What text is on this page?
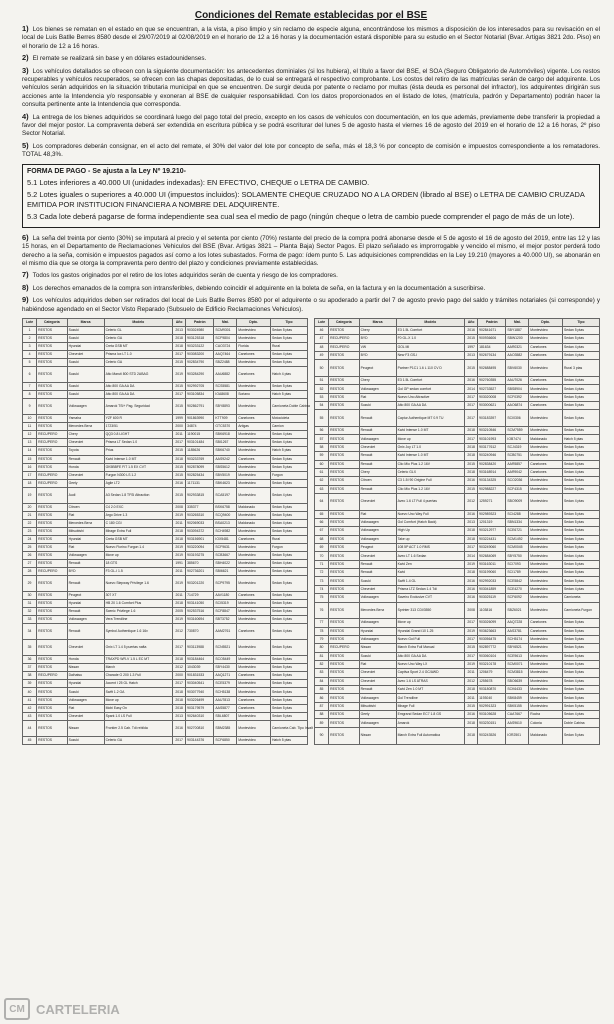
Condiciones del Remate establecidas por el BSE
1) Los bienes se rematan en el estado en que se encuentran, a la vista, a piso limpio y sin reclamo de especie alguna, encontrándose los mismos a disposición de los interesados para su revisación en el local de Luis Batlle Berres 8580 desde el 29/07/2019 al 02/08/2019 en el horario de 12 a 16 horas y la documentación estará disponible para su estudio en el Sector Notarial (Bvar. Artigas 3821 2do. Piso) en el horario de 12 a 16 horas.
2) El remate se realizará sin base y en dólares estadounidenses.
3) Los vehículos detallados se ofrecen con la siguiente documentación: los antecedentes dominiales (si los hubiera), el título a favor del BSE, el SOA (Seguro Obligatorio de Automóviles) vigente. Los restos recuperables y vehículos recuperados, se ofrecen con las chapas depositadas, de lo cual se entregará el respectivo comprobante. Los costos del retiro de las matrículas serán de cargo del adquirente. Los vehículos serán adquiridos en la situación tributaria municipal en que se encuentren. De surgir deuda por patente o reclamo por multas (ésta deuda es personal del infractor), los adquirentes dirigirán sus acciones ante la Intendencia y/o responsable y exoneran al BSE de cualquier responsabilidad. Con los datos proporcionados en el listado de lotes, (matrícula, padrón y Departamento) podrán hacer la consulta pertinente ante la Intendencia que corresponda.
4) La entrega de los bienes adquiridos se coordinará luego del pago total del precio, excepto en los casos de vehículos con documentación, en los que además, previamente debe transferir la propiedad a favor del mejor postor. La compraventa deberá ser extendida en escritura pública y se podrá escriturar del lunes 5 de agosto hasta el viernes 16 de agosto del 2019 en el horario de 12 a 16 horas, 2º piso Sector Notarial.
5) Los compradores deberán consignar, en el acto del remate, el 30% del valor del lote por concepto de seña, más el 18,3 % por concepto de comisión e impuestos correspondiente a los rematadores. TOTAL 48,3%.
FORMA DE PAGO - Se ajusta a la Ley Nº 19.210-
5.1 Lotes inferiores a 40.000 UI (unidades indexadas): EN EFECTIVO, CHEQUE o LETRA DE CAMBIO.
5.2 Lotes iguales o superiores a 40.000 UI (impuestos incluidos): SOLAMENTE CHEQUE CRUZADO NO A LA ORDEN (librado al BSE) o LETRA DE CAMBIO CRUZADA EMITIDA POR INSTITUCION FINANCIERA A NOMBRE DEL ADQUIRENTE.
5.3 Cada lote deberá pagarse de forma independiente sea cual sea el medio de pago (ningún cheque o letra de cambio puede comprender el pago de más de un lote).
6) La seña del treinta por ciento (30%) se imputará al precio y el setenta por ciento (70%) restante del precio de la compra podrá abonarse desde el 5 de agosto el 16 de agosto del 2019, entre las 12 y las 15 horas, en el Departamento de Reclamaciones Vehiculos del BSE (Bvar. Artigas 3821 – Planta Baja) Sector Pagos. El plazo señalado es improrrogable y vencido el mismo, el mejor postor perderá todo derecho a la seña, comisión e impuestos pagados así como a los lotes subastados. Forma de pago: ídem punto 5. Las adquisiciones comprendidas en la Ley 19.210 (mayores a 40.000 UI), se abonarán en el mismo día que se otorga la compraventa pero dentro del plazo y condiciones previamente establecidas.
7) Todos los gastos originados por el retiro de los lotes adquiridos serán de cuenta y riesgo de los compradores.
8) Los derechos emanados de la compra son intransferibles, debiendo coincidir el adquirente en la boleta de seña, en la factura y en la documentación a suscribirse.
9) Los vehículos adquiridos deben ser retirados del local de Luis Batlle Berres 8580 por el adquirente o su apoderado a partir del 7 de agosto previo pago del saldo y trámites notariales (si corresponde) y habiéndose agendado en el Sector Visto Reparado (Subsuelo de Edificio Reclamaciones Vehiculos).
Lote	Categoría	Marca	Modelo	Año	Padrón	Mat.	Dpto.	Tipo
1	RESTOS	Suzuki	Celerio GL	2013	903024980	SCM9301	Montevideo	Sedan 5 ptas
2	RESTOS	Suzuki	Celerio GA	2018	903125318	SCF9804	Montevideo	Sedan 5 ptas
3	RESTOS	Hyundai	Creta GSB MT	2018	903233122	CAO3724	Florida	Rural
4	RESTOS	Chevrolet	Prisma lox LT 1.0	2017	903083200	AAQ7464	Canelones	Sedan 4 ptas
5	RESTOS	Suzuki	Celerio GA	2015	902834790	SBZ2488	Montevideo	Sedan 5 ptas
6	RESTOS	Suzuki	Alto Maruti 800 STD 2ABAG	2019	903284290	AAU6882	Canelones	Hatch 4 ptas
7	RESTOS	Suzuki	Alto 800 GA AA DA	2015	902992705	SCS5581	Montevideo	Sedan 5 ptas
8	RESTOS	Suzuki	Alto 800 GA AA DA	2017	903105834	IOA8608	Soriano	Hatch 5 ptas
9	RESTOS	Volkswagen	Amarok TSI+ Pag. Seguridad	2015	902862791	SBY8893	Montevideo	Camioneta Doble Cabina
10	RESTOS	Yamaha	YZF 600 R	1999	901863990	KTT909	Canelones	Motocicleta
11	RESTOS	Mercedes Benz	1723/51	2000	34874	GTC5370	Artigas	Camion
12	RECUPERO	Chery	QQ3 0.8 LIGHT	2011	1190015	SBK6918	Montevideo	Sedan 4 ptas
13	RECUPERO	Chevrolet	Prisma LT Sedan 1.0	2017	903101484	SBI1267	Montevideo	Sedan 4 ptas
14	RESTOS	Toyota	Prius	2015	1185626	SBK6740	Montevideo	Hatch 5 ptas
15	RESTOS	Renault	Kwid Intense 1.0 MT	2018	903233769	AAS9242	Canelones	Sedan 5 ptas
16	RESTOS	Honda	GK5BBFE FIT 1.5 EX CVT	2015	902878099	SBS5612	Montevideo	Sedan 5 ptas
17	RECUPERO	Chevrolet	Furgon N300 LS 1.2	2015	902825434	SBV5019	Montevideo	Furgon
18	RECUPERO	Geely	Agile LT2	2016	1171131	SBK4623	Montevideo	Sedan 5 ptas
19	RESTOS	Audi	A3 Sedan 1.8 TFSI Attraction	2015	902933815	SCA5197	Montevideo	Sedan 4 ptas
20	RESTOS	Citroen	C4 2.0 EXC	2008	335377	BSK6758	Maldonado	Sedan 5 ptas
21	RESTOS	Fiat	Argo Drive 1.3	2019	903265310	SCQ9400	Montevideo	Sedan 5 ptas
22	RESTOS	Mercedes Benz	C 180 CGI	2011	902069033	BSA0213	Maldonado	Sedan 4 ptas
23	RESTOS	Mitsubishi	Mirage Extra Full	2018	903094372	SCH4982	Montevideo	Sedan 5 ptas
24	RESTOS	Hyundai	Creta GSB MT	2018	903156901	IOX5481	Canelones	Rural
25	RESTOS	Fiat	Nuevo Fiorino Furgon 1.4	2019	903220094	SCF9631	Montevideo	Furgon
26	RESTOS	Volkswagen	Move up	2019	903193275	SCB3667	Montevideo	Sedan 5 ptas
27	RESTOS	Renault	18 GTS	1991	385670	SBH4022	Montevideo	Sedan 4 ptas
28	RECUPERO	BYD	F3 GL-I 1.5	2011	902736201	SBI6621	Montevideo	Sedan 4 ptas
29	RESTOS	Renault	Nuevo Stepway Privilege 1.6	2019	903201220	SCP9795	Montevideo	Sedan 5 ptas
30	RESTOS	Peugeot	307 XT	2011	714729	AAV1180	Canelones	Sedan 5 ptas
31	RESTOS	Hyundai	HB 20 1.6 Comfort Plus	2018	903141050	SCI5319	Montevideo	Sedan 5 ptas
32	RESTOS	Renault	Scenic Privilege 1.6	2005	902537516	SCF8847	Montevideo	Sedan 5 ptas
33	RESTOS	Volkswagen	Vera Trendline	2019	903160694	SBT3752	Montevideo	Sedan 4 ptas
34	RESTOS	Renault	Symbol Authentique 1.6 16v	2012	730870	AAM2761	Canelones	Sedan 4 ptas
35	RESTOS	Chevrolet	Onix LT 1.4 5 puertas nafta	2017	903113988	SCN5521	Montevideo	Sedan 5 ptas
36	RESTOS	Honda	TRAXPD WR-V 1.5 L EC MT	2018	903184464	SCO5449	Montevideo	Sedan 5 ptas
37	RESTOS	Nissan	March	2012	1043039	SBY4430	Montevideo	Sedan 5 ptas
38	RECUPERO	Daihatsu	Charade G 200 1.3 Full	2000	901831533	AAQ1271	Canelones	Sedan 5 ptas
39	RESTOS	Hyundai	Accent I 25 GL Hatch	2017	903040541	SCE5379	Montevideo	Sedan 5 ptas
40	RESTOS	Suzuki	Swift 1.2 GA	2018	903077940	SCH5138	Montevideo	Sedan 5 ptas
41	RESTOS	Volkswagen	Move up	2018	903226499	AAU7813	Canelones	Sedan 5 ptas
42	RESTOS	Fiat	Mobi Easy On	2018	903179579	AAS5877	Canelones	Sedan 5 ptas
43	RESTOS	Chevrolet	Spark 1.0 LS Full	2013	902640310	SBL6807	Montevideo	Sedan 5 ptas
44	RESTOS	Nissan	Frontier 2.5 Cab. Tdi rebilda	2016	902700810	SBM2385	Montevideo	Camioneta Cab. Tipo Invalt
45	RESTOS	Suzuki	Celerio GA	2017	903144376	SCF6850	Montevideo	Hatch 5 ptas
Lote	Categoría	Marca	Modelo	Año	Padrón	Mat.	Dpto.	Tipo
46	RESTOS	Chery	E3 1.5L Comfort	2016	902841671	SBY1887	Montevideo	Sedan 5 ptas
47	RECUPERO	BYD	F0 GL-X 1.0	2015	900936606	SBW1200	Montevideo	Sedan 5 ptas
48	RECUPERO	VW	GOL MI	1997	181634	AAR0321	Canelones	Sedan 4 ptas
49	RESTOS	BYD	New F3 GS-I	2013	902679134	AAO3582	Canelones	Sedan 4 ptas
50	RESTOS	Peugeot	Partner P1C1 1.6 L 110 CV D	2015	902688495	SBV6030	Montevideo	Rural 3 ptas
51	RESTOS	Chery	E3 1.5L Comfort	2016	902760355	AAU7026	Canelones	Sedan 4 ptas
52	RESTOS	Volkswagen	Gol GP sedan comfort	2014	902733527	SBS8904	Montevideo	Sedan 4 ptas
53	RESTOS	Fiat	Nuevo Uno Attractive	2017	903020008	SCF0392	Montevideo	Sedan 5 ptas
54	RESTOS	Suzuki	Alto 800 GA AA DA	2017	903000621	AAO6874	Canelones	Sedan 5 ptas
55	RESTOS	Renault	Captur Authentique MT 0.9 TU	2017	903183397	SCI0306	Montevideo	Sedan 5 ptas
56	RESTOS	Renault	Kwid Intense 1.0 MT	2018	903210546	SCM7559	Montevideo	Sedan 5 ptas
57	RESTOS	Volkswagen	Move up	2017	903101993	IOB7474	Maldonado	Hatch 5 ptas
58	RESTOS	Chevrolet	Onix Joy LT 1.0	2018	903177612	SCJ4319	Montevideo	Sedan 5 ptas
59	RESTOS	Renault	Kwid Intense 1.0 MT	2018	903240946	SCB0751	Montevideo	Sedan 5 ptas
60	RESTOS	Renault	Clio Mio Plus 1.2 16V	2015	902838420	AAR5857	Canelones	Sedan 5 ptas
61	RESTOS	Chery	Celerio GLX	2018	903168914	AAR9042	Canelones	Sedan 4 ptas
62	RESTOS	Citroen	C3 1.5I 90 Origine Full	2016	903134325	SCO2036	Montevideo	Sedan 5 ptas
63	RESTOS	Renault	Clio Mio Plus 1.2 16V	2015	902988227	SCF4315	Montevideo	Sedan 5 ptas
64	RESTOS	Chevrolet	Aveo 1.6 LT Full 4 puertas	2012	1259271	SBO9009	Montevideo	Sedan 4 ptas
65	RESTOS	Fiat	Nuevo Uno Way Full	2016	902989323	SCI4288	Montevideo	Sedan 5 ptas
66	RESTOS	Volkswagen	Gol Comfort (Hatch Back)	2013	1201319	SBN1334	Montevideo	Sedan 5 ptas
67	RESTOS	Volkswagen	High Up	2018	903212977	SCE6721	Montevideo	Sedan 5 ptas
68	RESTOS	Volkswagen	Take up	2018	903224431	SCM1492	Montevideo	Sedan 5 ptas
69	RESTOS	Peugeot	108 5P ACT 1.0 RMS	2017	903249060	SCM0045	Montevideo	Sedan 5 ptas
70	RESTOS	Chevrolet	Aveo LT 1.6 Sedan	2014	902684069	SBY5750	Montevideo	Sedan 4 ptas
71	RESTOS	Renault	Kwid Zen	2019	903163011	SCI7093	Montevideo	Sedan 5 ptas
72	RESTOS	Renault	Kwid	2018	903199060	SCI1789	Montevideo	Sedan 5 ptas
73	RESTOS	Suzuki	Swift 1.4 GL	2016	902992033	SCE5842	Montevideo	Sedan 5 ptas
74	RESTOS	Chevrolet	Prisma LTZ Sedan 1.4 Tdi	2016	903041859	SCE4270	Montevideo	Sedan 4 ptas
75	RESTOS	Volkswagen	Saveiro Exclusive CVT	2016	903025119	SCF6092	Montevideo	Camioneta
76	RESTOS	Mercedes Benz	Sprinter 313 CDI/3550	2008	1103816	SBZ6021	Montevideo	Camioneta Furgon
77	RESTOS	Volkswagen	Move up	2017	903026099	AAQ7228	Canelones	Sedan 5 ptas
78	RESTOS	Hyundai	Hyundai Grand i10 1.25	2019	903623663	AAS3781	Canelones	Sedan 5 ptas
79	RESTOS	Volkswagen	Nuevo Gol Full	2017	903056475	SCH5174	Montevideo	Sedan 5 ptas
80	RECUPERO	Nissan	March Extra Full Manual	2015	902897772	SBY6521	Montevideo	Sedan 5 ptas
81	RESTOS	Suzuki	Alto 800 GA AA DA	2017	903060104	SCE9613	Montevideo	Sedan 5 ptas
82	RESTOS	Fiat	Nuevo Uno Way LX	2019	903210178	SCM0071	Montevideo	Sedan 5 ptas
83	RESTOS	Chevrolet	Captiva Sport 2.4 GC/AWD	2011	1206479	SCM3815	Montevideo	Sedan 5 ptas
84	RESTOS	Chevrolet	Aveo 1.6 LS ATRAS	2012	1255678	SBO6639	Montevideo	Sedan 4 ptas
85	RESTOS	Renault	Kwid Zen 1.0 MT	2018	903180870	SCK6433	Montevideo	Sedan 5 ptas
86	RESTOS	Volkswagen	Gol Trendline	2011	1193040	SBK8459	Montevideo	Sedan 5 ptas
87	RESTOS	Mitsubishi	Mirage Full	2015	902991323	SBK5155	Montevideo	Sedan 5 ptas
88	RESTOS	Geely	Emgrand Sedan EC7 1.8 GS	2016	903105628	CAA7667	Rocha	Sedan 4 ptas
89	RESTOS	Volkswagen	Amarok	2018	903230151	AAS9610	Colonia	Doble Cabina
90	RESTOS	Nissan	March Extra Full Automatica	2018	903243526	IOR2501	Maldonado	Sedan 5 ptas
CM CARTELERIA
